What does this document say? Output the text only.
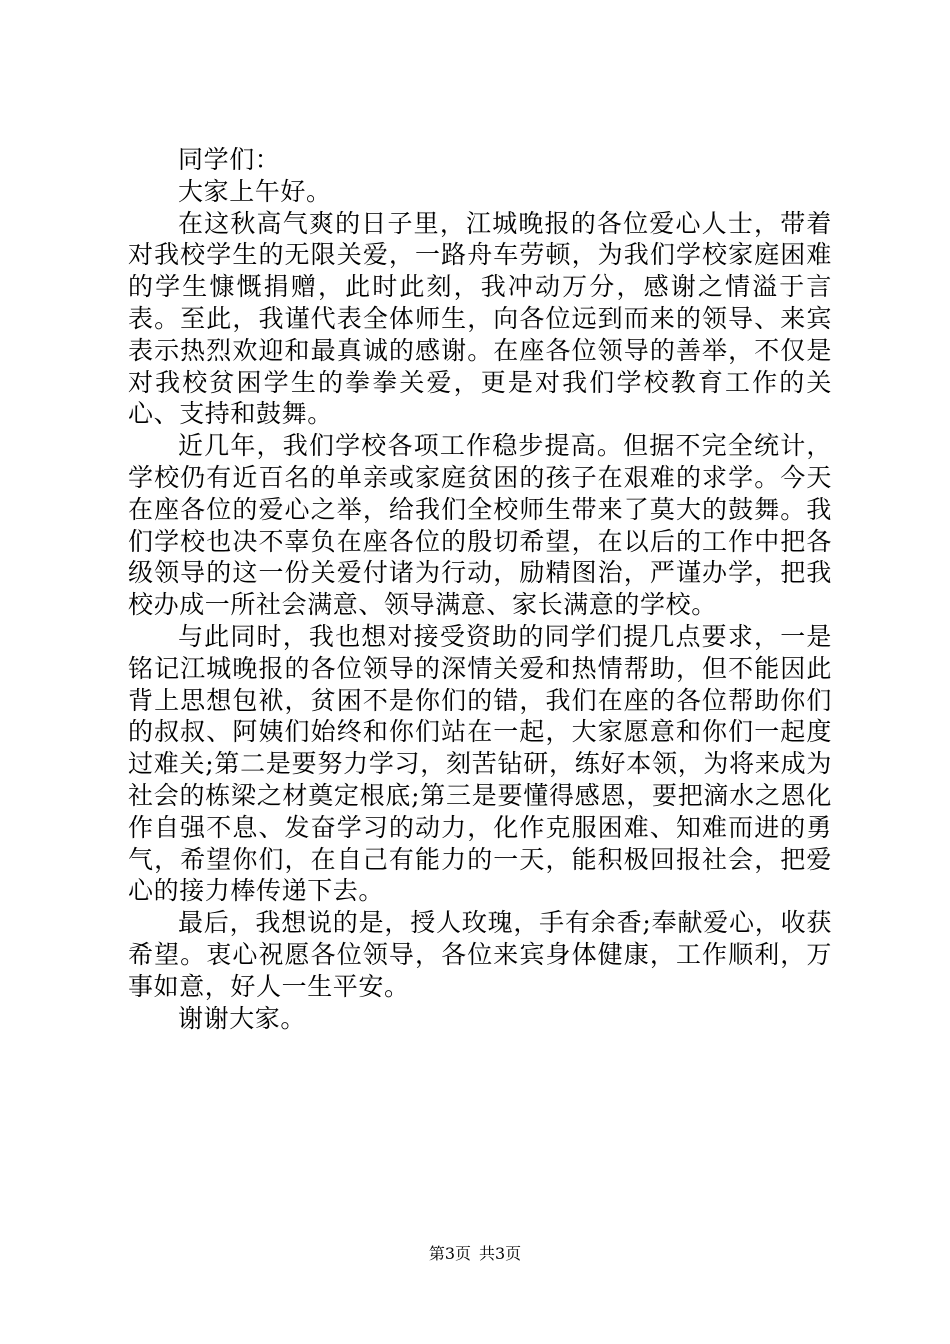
同学们：

大家上午好。

在这秋高气爽的日子里，江城晚报的各位爱心人士，带着对我校学生的无限关爱，一路舟车劳顿，为我们学校家庭困难的学生慷慨捐赠，此时此刻，我冲动万分，感谢之情溢于言表。至此，我谨代表全体师生，向各位远到而来的领导、来宾表示热烈欢迎和最真诚的感谢。在座各位领导的善举，不仅是对我校贫困学生的拳拳关爱，更是对我们学校教育工作的关心、支持和鼓舞。

近几年，我们学校各项工作稳步提高。但据不完全统计，学校仍有近百名的单亲或家庭贫困的孩子在艰难的求学。今天在座各位的爱心之举，给我们全校师生带来了莫大的鼓舞。我们学校也决不辜负在座各位的殷切希望，在以后的工作中把各级领导的这一份关爱付诸为行动，励精图治，严谨办学，把我校办成一所社会满意、领导满意、家长满意的学校。

与此同时，我也想对接受资助的同学们提几点要求，一是铭记江城晚报的各位领导的深情关爱和热情帮助，但不能因此背上思想包袱，贫困不是你们的错，我们在座的各位帮助你们的叔叔、阿姨们始终和你们站在一起，大家愿意和你们一起度过难关;第二是要努力学习，刻苦钻研，练好本领，为将来成为社会的栋梁之材奠定根底;第三是要懂得感恩，要把滴水之恩化作自强不息、发奋学习的动力，化作克服困难、知难而进的勇气，希望你们，在自己有能力的一天，能积极回报社会，把爱心的接力棒传递下去。

最后，我想说的是，授人玫瑰，手有余香;奉献爱心，收获希望。衷心祝愿各位领导，各位来宾身体健康，工作顺利，万事如意，好人一生平安。

谢谢大家。

第3页 共3页
